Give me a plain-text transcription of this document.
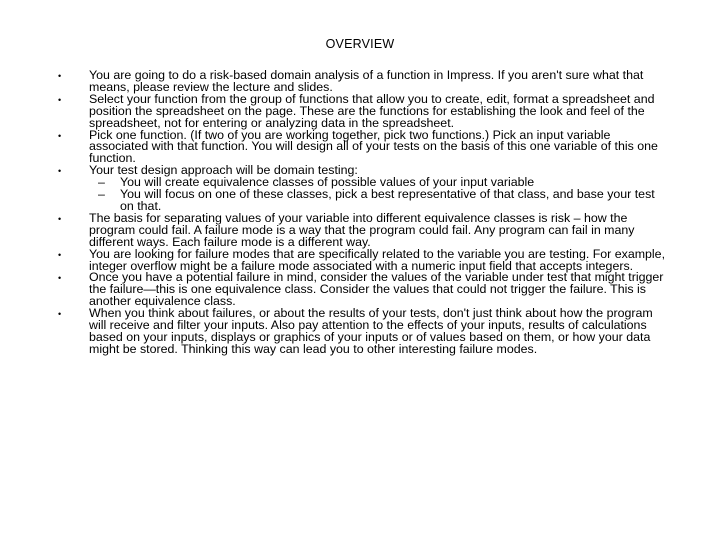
OVERVIEW
• You are going to do a risk-based domain analysis of a function in Impress. If you aren't sure what that means, please review the lecture and slides.
• Select your function from the group of functions that allow you to create, edit, format a spreadsheet and position the spreadsheet on the page. These are the functions for establishing the look and feel of the spreadsheet, not for entering or analyzing data in the spreadsheet.
• Pick one function. (If two of you are working together, pick two functions.) Pick an input variable associated with that function. You will design all of your tests on the basis of this one variable of this one function.
• Your test design approach will be domain testing:
– You will create equivalence classes of possible values of your input variable
– You will focus on one of these classes, pick a best representative of that class, and base your test on that.
• The basis for separating values of your variable into different equivalence classes is risk – how the program could fail. A failure mode is a way that the program could fail. Any program can fail in many different ways. Each failure mode is a different way.
• You are looking for failure modes that are specifically related to the variable you are testing. For example, integer overflow might be a failure mode associated with a numeric input field that accepts integers.
• Once you have a potential failure in mind, consider the values of the variable under test that might trigger the failure—this is one equivalence class. Consider the values that could not trigger the failure. This is another equivalence class.
• When you think about failures, or about the results of your tests, don't just think about how the program will receive and filter your inputs. Also pay attention to the effects of your inputs, results of calculations based on your inputs, displays or graphics of your inputs or of values based on them, or how your data might be stored. Thinking this way can lead you to other interesting failure modes.
